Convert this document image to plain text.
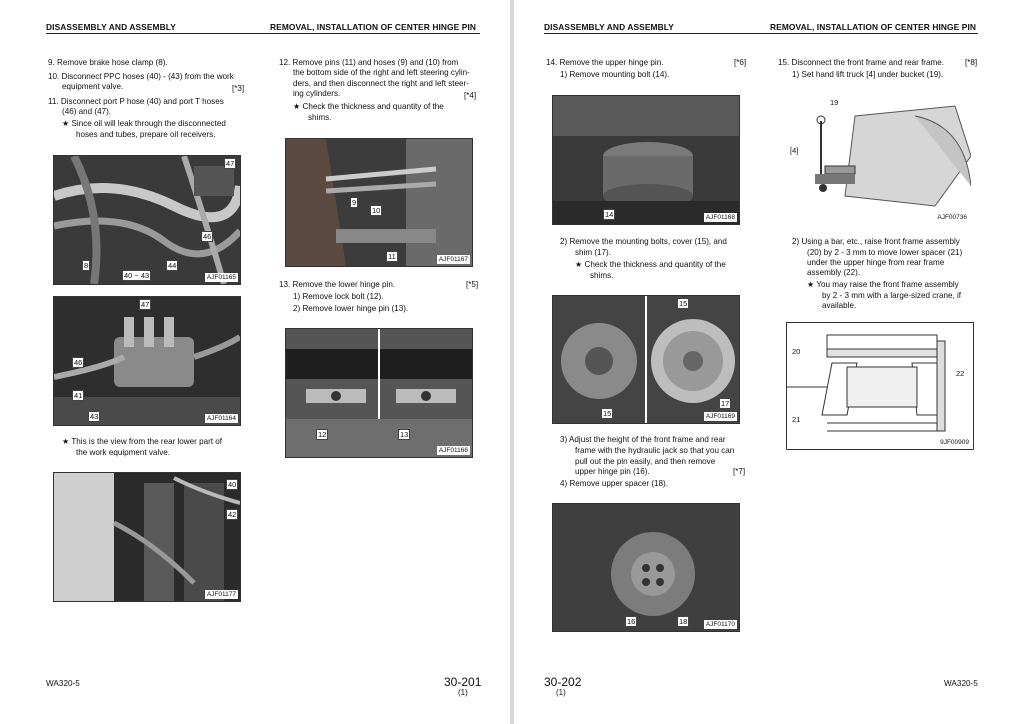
DISASSEMBLY AND ASSEMBLY	REMOVAL, INSTALLATION OF CENTER HINGE PIN
9. Remove brake hose clamp (8).
10. Disconnect PPC hoses (40) - (43) from the work
equipment valve.	[*3]
11. Disconnect port P hose (40) and port T hoses
(46) and (47).
★ Since oil will leak through the disconnected
hoses and tubes, prepare oil receivers.
47
46
8
40 ~ 43
44
AJF01165
47
46
41
43	AJF01164
★ This is the view from the rear lower part of
the work equipment valve.
40
42
AJF01177
12. Remove pins (11) and hoses (9) and (10) from
the bottom side of the right and left steering cylin-
ders, and then disconnect the right and left steer-
ing cylinders.	[*4]
★ Check the thickness and quantity of the
shims.
9
10
11	AJF01167
13. Remove the lower hinge pin.	[*5]
1) Remove lock bolt (12).
2) Remove lower hinge pin (13).
12	13
AJF01166
WA320-5	30-201
(1)
DISASSEMBLY AND ASSEMBLY	REMOVAL, INSTALLATION OF CENTER HINGE PIN
14. Remove the upper hinge pin.	[*6]
1) Remove mounting bolt (14).
14	AJF01168
2) Remove the mounting bolts, cover (15), and
shim (17).
★ Check the thickness and quantity of the
shims.
15
15
17
AJF01169
3) Adjust the height of the front frame and rear
frame with the hydraulic jack so that you can
pull out the pin easily, and then remove
upper hinge pin (16).	[*7]
4) Remove upper spacer (18).
16	18	AJF01170
15. Disconnect the front frame and rear frame.	[*8]
1) Set hand lift truck [4] under bucket (19).
19
[4]
AJF00736
2) Using a bar, etc., raise front frame assembly
(20) by 2 - 3 mm to move lower spacer (21)
under the upper hinge from rear frame
assembly (22).
★ You may raise the front frame assembly
by 2 - 3 mm with a large-sized crane, if
available.
20
21
22
9JF00909
30-202
(1)
WA320-5
